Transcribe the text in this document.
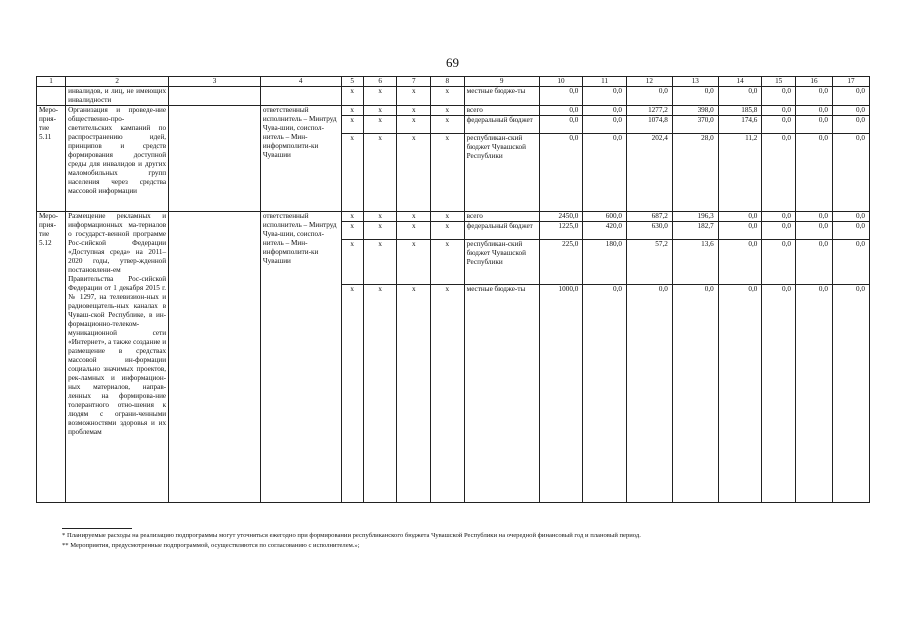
69
1	2	3	4	5	6	7	8	9	10	11	12	13	14	15	16	17
	инвалидов, и лиц, не имеющих инвалидности			x	x	x	x	местные бюдже-ты	0,0	0,0	0,0	0,0	0,0	0,0	0,0	0,0
Меро-прия-тие 5.11	Организация и проведе-ние общественно-про-светительских кампаний по распространению идей, принципов и средств формирования доступной среды для инвалидов и других маломобильных групп населения через средства массовой информации		ответственный исполнитель – Минтруд Чува-шии, соиспол-нитель – Мин-информполити-ки Чувашии	x	x	x	x	всего	0,0	0,0	1277,2	398,0	185,8	0,0	0,0	0,0
				x	x	x	x	федеральный бюджет	0,0	0,0	1074,8	370,0	174,6	0,0	0,0	0,0
				x	x	x	x	республикан-ский бюджет Чувашской Республики	0,0	0,0	202,4	28,0	11,2	0,0	0,0	0,0
Меро-прия-тие 5.12	Размещение рекламных и информационных ма-териалов о государст-венной программе Рос-сийской Федерации «Доступная среда» на 2011–2020 годы, утвер-жденной постановлени-ем Правительства Рос-сийской Федерации от 1 декабря 2015 г. № 1297, на телевизион-ных и радиовещатель-ных каналах в Чуваш-ской Республике, в ин-формационно-телеком-муникационной сети «Интернет», а также создание и размещение в средствах массовой ин-формации социально значимых проектов, рек-ламных и информацион-ных материалов, направ-ленных на формирова-ние толерантного отно-шения к людям с ограни-ченными возможностями здоровья и их проблемам		ответственный исполнитель – Минтруд Чува-шии, соиспол-нитель – Мин-информполити-ки Чувашии	x	x	x	x	всего	2450,0	600,0	687,2	196,3	0,0	0,0	0,0	0,0
				x	x	x	x	федеральный бюджет	1225,0	420,0	630,0	182,7	0,0	0,0	0,0	0,0
				x	x	x	x	республикан-ский бюджет Чувашской Республики	225,0	180,0	57,2	13,6	0,0	0,0	0,0	0,0
				x	x	x	x	местные бюдже-ты	1000,0	0,0	0,0	0,0	0,0	0,0	0,0	0,0
* Планируемые расходы на реализацию подпрограммы могут уточняться ежегодно при формировании республиканского бюджета Чувашской Республики на очередной финансовый год и плановый период.
** Мероприятия, предусмотренные подпрограммой, осуществляются по согласованию с исполнителем.»;
